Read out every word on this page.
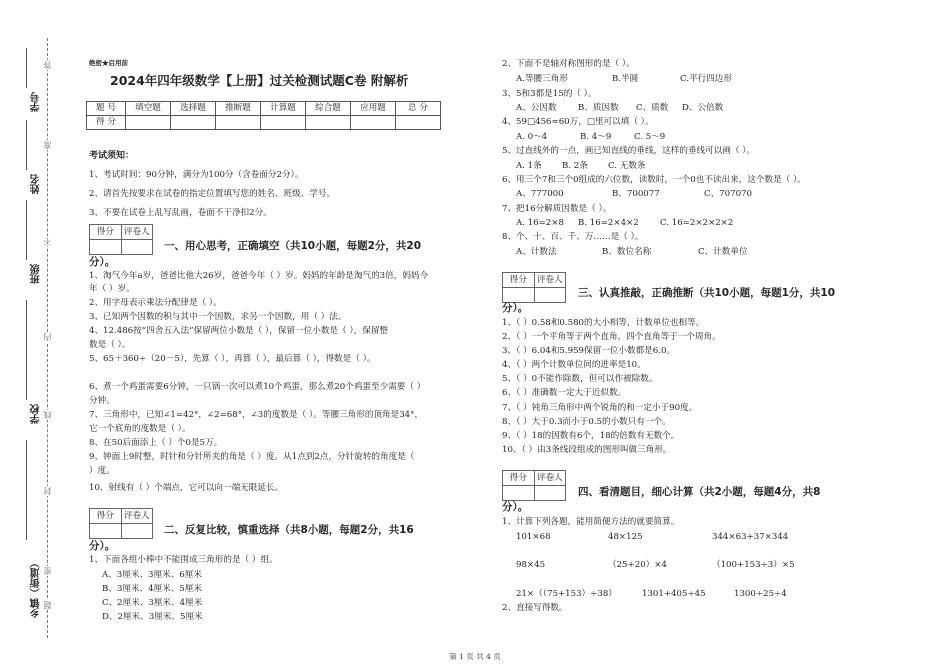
学号
姓名
班级
学校
乡镇（街道）
答
准
不
内
线
封
密
题
绝密★启用前
2024年四年级数学【上册】过关检测试题C卷 附解析
题 号	填空题	选择题	推断题	计算题	综合题	应用题	总 分
得 分							
考试须知：
1、考试时间：90分钟，满分为100分（含卷面分2分）。
2、请首先按要求在试卷的指定位置填写您的姓名、班级、学号。
3、不要在试卷上乱写乱画，卷面不干净扣2分。
得分	评卷人

一、用心思考，正确填空（共10小题，每题2分，共20
分）。
1、淘气今年a岁，爸爸比他大26岁，爸爸今年（ ）岁。妈妈的年龄是淘气的3倍，妈妈今
年（ ）岁。
2、用字母表示乘法分配律是（ ）。
3、已知两个因数的积与其中一个因数，求另一个因数，用（ ）法。
4、12.486按“四舍五入法”保留两位小数是（ ），保留一位小数是（ ），保留整
数是（ ）。
5、65＋360÷（20－5），先算（ ），再算（ ），最后算（ ），得数是（ ）。
6、煮一个鸡蛋需要6分钟，一只锅一次可以煮10个鸡蛋，那么煮20个鸡蛋至少需要（ ）
分钟。
7、三角形中，已知∠1=42°，∠2=68°，∠3的度数是（ ）。等腰三角形的顶角是34°，
它一个底角的度数是（ ）。
8、在50后面添上（ ）个0是5万。
9、钟面上9时整，时针和分针所夹的角是（ ）度。从1点到2点，分针旋转的角度是（
）度。
10、射线有（ ）个端点，它可以向一端无限延长。
得分	评卷人

二、反复比较，慎重选择（共8小题，每题2分，共16
分）。
1、下面各组小棒中不能围成三角形的是（ ）组。
A、3厘米、3厘米、6厘米
B、3厘米、4厘米、5厘米
C、2厘米、3厘米、4厘米
D、2厘米、3厘米、5厘米
2、下面不是轴对称图形的是（ ）。
A.等腰三角形	B.半圆	C.平行四边形
3、5和3都是15的（ ）。
A、公因数	B、质因数	C、质数	D、公倍数
4、59□456≈60万，□里可以填（ ）。
A. 0～4	B. 4～9	C. 5～9
5、过直线外的一点，画已知直线的垂线，这样的垂线可以画（ ）。
A. 1条	B. 2条	C. 无数条
6、用三个7和三个0组成的六位数，读数时，一个0也不读出来，这个数是（ ）。
A、777000	B、700077	C、707070
7、把16分解质因数是（ ）。
A. 16=2×8	B. 16=2×4×2	C. 16=2×2×2×2
8、个、十、百、千、万……是（ ）。
A、计数法	B、数位名称	C、计数单位
得分	评卷人

三、认真推敲，正确推断（共10小题，每题1分，共10
分）。
1、（ ）0.58和0.580的大小相等，计数单位也相等。
2、（ ）一个平角等于两个直角，四个直角等于一个周角。
3、（ ）6.04和5.959保留一位小数都是6.0。
4、（ ）两个计数单位间的进率是10。
5、（ ）0不能作除数，但可以作被除数。
6、（ ）准确数一定大于近似数。
7、（ ）钝角三角形中两个锐角的和一定小于90度。
8、（ ）大于0.3而小于0.5的小数只有一个。
9、（ ）18的因数有6个，18的倍数有无数个。
10、（ ）由3条线段组成的图形叫做三角形。
得分	评卷人

四、看清题目，细心计算（共2小题，每题4分，共8
分）。
1、计算下列各题，能用简便方法的就要简算。
101×68	48×125	344×63+37×344
98×45	（25+20）×4	（100+153÷3）×5
21×（（75+153）÷38）	1301+405÷45	1300÷25÷4
2、直接写得数。
第 1 页 共 4 页
